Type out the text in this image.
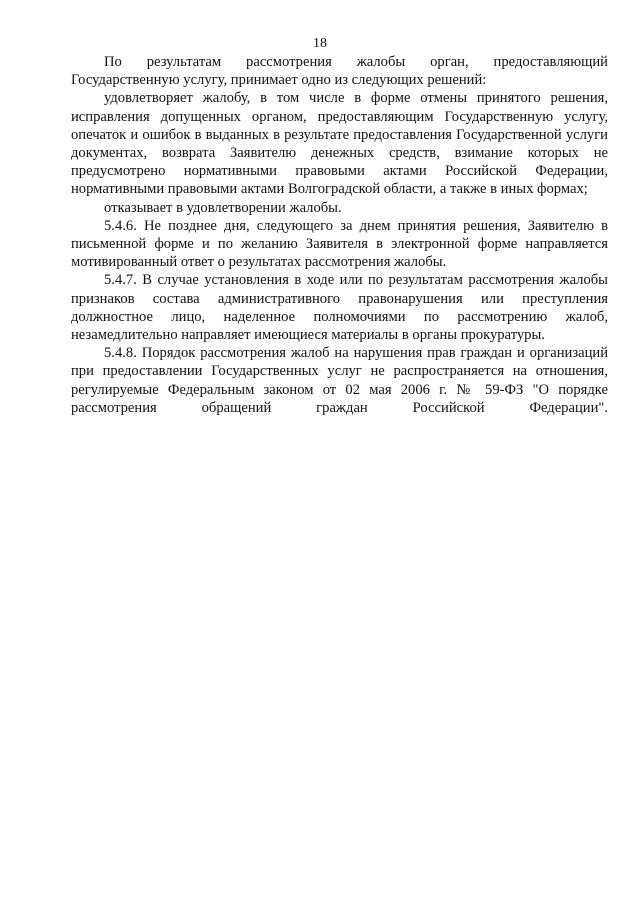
18

По результатам рассмотрения жалобы орган, предоставляющий Государственную услугу, принимает одно из следующих решений:

удовлетворяет жалобу, в том числе в форме отмены принятого решения, исправления допущенных органом, предоставляющим Государственную услугу, опечаток и ошибок в выданных в результате предоставления Государственной услуги документах, возврата Заявителю денежных средств, взимание которых не предусмотрено нормативными правовыми актами Российской Федерации, нормативными правовыми актами Волгоградской области, а также в иных формах;

отказывает в удовлетворении жалобы.

5.4.6. Не позднее дня, следующего за днем принятия решения, Заявителю в письменной форме и по желанию Заявителя в электронной форме направляется мотивированный ответ о результатах рассмотрения жалобы.

5.4.7. В случае установления в ходе или по результатам рассмотрения жалобы признаков состава административного правонарушения или преступления должностное лицо, наделенное полномочиями по рассмотрению жалоб, незамедлительно направляет имеющиеся материалы в органы прокуратуры.

5.4.8. Порядок рассмотрения жалоб на нарушения прав граждан и организаций при предоставлении Государственных услуг не распространяется на отношения, регулируемые Федеральным законом от 02 мая 2006 г. № 59-ФЗ "О порядке рассмотрения обращений граждан Российской Федерации".
